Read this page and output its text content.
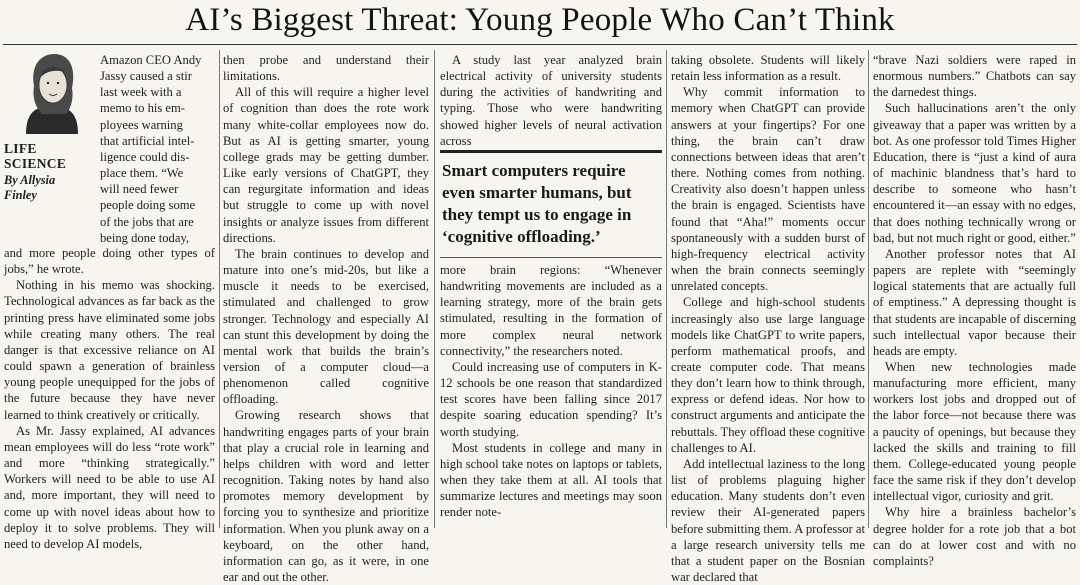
AI’s Biggest Threat: Young People Who Can’t Think
LIFE SCIENCE
By Allysia Finley
Amazon CEO Andy
Jassy caused a stir
last week with a
memo to his em-
ployees warning
that artificial intel-
ligence could dis-
place them. “We
will need fewer
people doing some
of the jobs that are
being done today,

and more people doing other types of jobs,” he wrote.

Nothing in his memo was shocking. Technological advances as far back as the printing press have eliminated some jobs while creating many others. The real danger is that excessive reliance on AI could spawn a generation of brainless young people unequipped for the jobs of the future because they have never learned to think creatively or critically.

As Mr. Jassy explained, AI advances mean employees will do less “rote work” and more “thinking strategically.” Workers will need to be able to use AI and, more important, they will need to come up with novel ideas about how to deploy it to solve problems. They will need to develop AI models,

then probe and understand their limitations.

All of this will require a higher level of cognition than does the rote work many white-collar employees now do. But as AI is getting smarter, young college grads may be getting dumber. Like early versions of ChatGPT, they can regurgitate information and ideas but struggle to come up with novel insights or analyze issues from different directions.

The brain continues to develop and mature into one’s mid-20s, but like a muscle it needs to be exercised, stimulated and challenged to grow stronger. Technology and especially AI can stunt this development by doing the mental work that builds the brain’s version of a computer cloud—a phenomenon called cognitive offloading.

Growing research shows that handwriting engages parts of your brain that play a crucial role in learning and helps children with word and letter recognition. Taking notes by hand also promotes memory development by forcing you to synthesize and prioritize information. When you plunk away on a keyboard, on the other hand, information can go, as it were, in one ear and out the other.

A study last year analyzed brain electrical activity of university students during the activities of handwriting and typing. Those who were handwriting showed higher levels of neural activation across

Smart computers require even smarter humans, but they tempt us to engage in ‘cognitive offloading.’

more brain regions: “Whenever handwriting movements are included as a learning strategy, more of the brain gets stimulated, resulting in the formation of more complex neural network connectivity,” the researchers noted.

Could increasing use of computers in K-12 schools be one reason that standardized test scores have been falling since 2017 despite soaring education spending? It’s worth studying.

Most students in college and many in high school take notes on laptops or tablets, when they take them at all. AI tools that summarize lectures and meetings may soon render note-

taking obsolete. Students will likely retain less information as a result.

Why commit information to memory when ChatGPT can provide answers at your fingertips? For one thing, the brain can’t draw connections between ideas that aren’t there. Nothing comes from nothing. Creativity also doesn’t happen unless the brain is engaged. Scientists have found that “Aha!” moments occur spontaneously with a sudden burst of high-frequency electrical activity when the brain connects seemingly unrelated concepts.

College and high-school students increasingly also use large language models like ChatGPT to write papers, perform mathematical proofs, and create computer code. That means they don’t learn how to think through, express or defend ideas. Nor how to construct arguments and anticipate the rebuttals. They offload these cognitive challenges to AI.

Add intellectual laziness to the long list of problems plaguing higher education. Many students don’t even review their AI-generated papers before submitting them. A professor at a large research university tells me that a student paper on the Bosnian war declared that

“brave Nazi soldiers were raped in enormous numbers.” Chatbots can say the darnedest things.

Such hallucinations aren’t the only giveaway that a paper was written by a bot. As one professor told Times Higher Education, there is “just a kind of aura of machinic blandness that’s hard to describe to someone who hasn’t encountered it—an essay with no edges, that does nothing technically wrong or bad, but not much right or good, either.”

Another professor notes that AI papers are replete with “seemingly logical statements that are actually full of emptiness.” A depressing thought is that students are incapable of discerning such intellectual vapor because their heads are empty.

When new technologies made manufacturing more efficient, many workers lost jobs and dropped out of the labor force—not because there was a paucity of openings, but because they lacked the skills and training to fill them. College-educated young people face the same risk if they don’t develop intellectual vigor, curiosity and grit.

Why hire a brainless bachelor’s degree holder for a rote job that a bot can do at lower cost and with no complaints?
